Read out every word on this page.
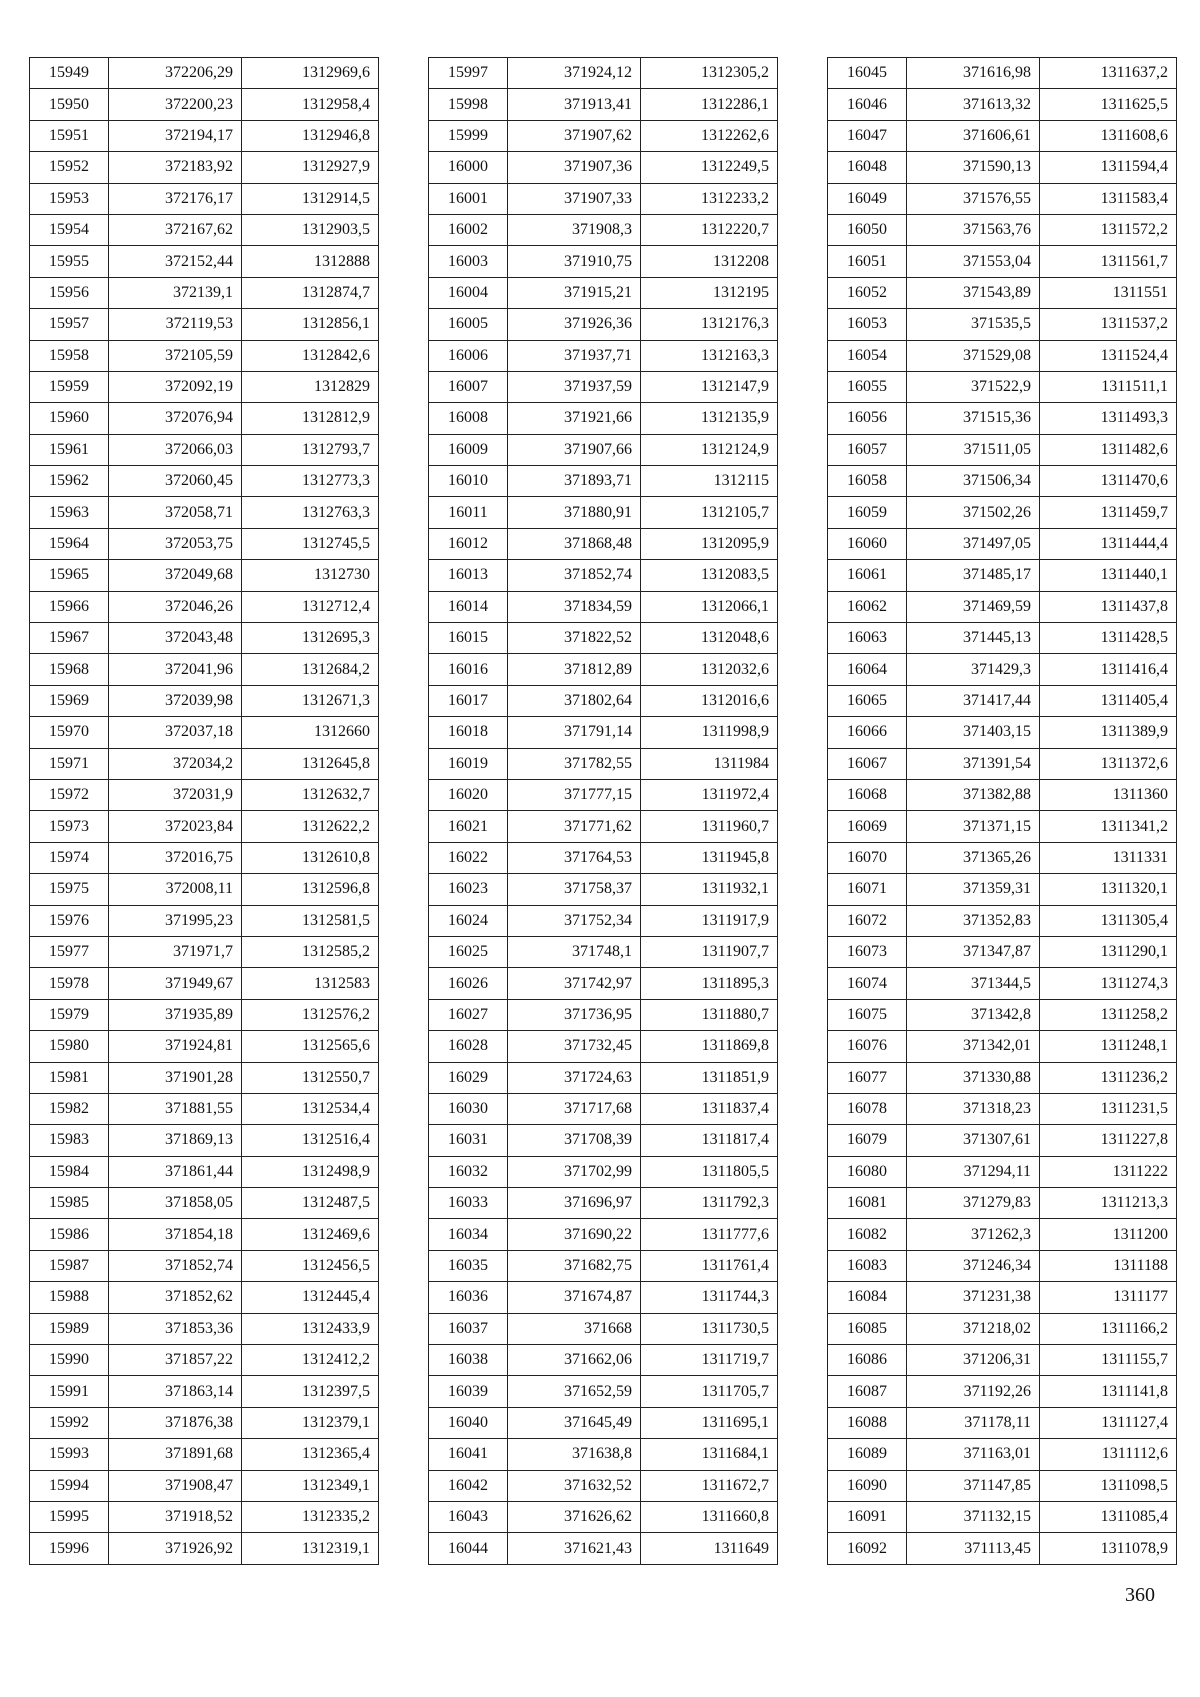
15949	372206,29	1312969,6
15950	372200,23	1312958,4
15951	372194,17	1312946,8
15952	372183,92	1312927,9
15953	372176,17	1312914,5
15954	372167,62	1312903,5
15955	372152,44	1312888
15956	372139,1	1312874,7
15957	372119,53	1312856,1
15958	372105,59	1312842,6
15959	372092,19	1312829
15960	372076,94	1312812,9
15961	372066,03	1312793,7
15962	372060,45	1312773,3
15963	372058,71	1312763,3
15964	372053,75	1312745,5
15965	372049,68	1312730
15966	372046,26	1312712,4
15967	372043,48	1312695,3
15968	372041,96	1312684,2
15969	372039,98	1312671,3
15970	372037,18	1312660
15971	372034,2	1312645,8
15972	372031,9	1312632,7
15973	372023,84	1312622,2
15974	372016,75	1312610,8
15975	372008,11	1312596,8
15976	371995,23	1312581,5
15977	371971,7	1312585,2
15978	371949,67	1312583
15979	371935,89	1312576,2
15980	371924,81	1312565,6
15981	371901,28	1312550,7
15982	371881,55	1312534,4
15983	371869,13	1312516,4
15984	371861,44	1312498,9
15985	371858,05	1312487,5
15986	371854,18	1312469,6
15987	371852,74	1312456,5
15988	371852,62	1312445,4
15989	371853,36	1312433,9
15990	371857,22	1312412,2
15991	371863,14	1312397,5
15992	371876,38	1312379,1
15993	371891,68	1312365,4
15994	371908,47	1312349,1
15995	371918,52	1312335,2
15996	371926,92	1312319,1
15997	371924,12	1312305,2
15998	371913,41	1312286,1
15999	371907,62	1312262,6
16000	371907,36	1312249,5
16001	371907,33	1312233,2
16002	371908,3	1312220,7
16003	371910,75	1312208
16004	371915,21	1312195
16005	371926,36	1312176,3
16006	371937,71	1312163,3
16007	371937,59	1312147,9
16008	371921,66	1312135,9
16009	371907,66	1312124,9
16010	371893,71	1312115
16011	371880,91	1312105,7
16012	371868,48	1312095,9
16013	371852,74	1312083,5
16014	371834,59	1312066,1
16015	371822,52	1312048,6
16016	371812,89	1312032,6
16017	371802,64	1312016,6
16018	371791,14	1311998,9
16019	371782,55	1311984
16020	371777,15	1311972,4
16021	371771,62	1311960,7
16022	371764,53	1311945,8
16023	371758,37	1311932,1
16024	371752,34	1311917,9
16025	371748,1	1311907,7
16026	371742,97	1311895,3
16027	371736,95	1311880,7
16028	371732,45	1311869,8
16029	371724,63	1311851,9
16030	371717,68	1311837,4
16031	371708,39	1311817,4
16032	371702,99	1311805,5
16033	371696,97	1311792,3
16034	371690,22	1311777,6
16035	371682,75	1311761,4
16036	371674,87	1311744,3
16037	371668	1311730,5
16038	371662,06	1311719,7
16039	371652,59	1311705,7
16040	371645,49	1311695,1
16041	371638,8	1311684,1
16042	371632,52	1311672,7
16043	371626,62	1311660,8
16044	371621,43	1311649
16045	371616,98	1311637,2
16046	371613,32	1311625,5
16047	371606,61	1311608,6
16048	371590,13	1311594,4
16049	371576,55	1311583,4
16050	371563,76	1311572,2
16051	371553,04	1311561,7
16052	371543,89	1311551
16053	371535,5	1311537,2
16054	371529,08	1311524,4
16055	371522,9	1311511,1
16056	371515,36	1311493,3
16057	371511,05	1311482,6
16058	371506,34	1311470,6
16059	371502,26	1311459,7
16060	371497,05	1311444,4
16061	371485,17	1311440,1
16062	371469,59	1311437,8
16063	371445,13	1311428,5
16064	371429,3	1311416,4
16065	371417,44	1311405,4
16066	371403,15	1311389,9
16067	371391,54	1311372,6
16068	371382,88	1311360
16069	371371,15	1311341,2
16070	371365,26	1311331
16071	371359,31	1311320,1
16072	371352,83	1311305,4
16073	371347,87	1311290,1
16074	371344,5	1311274,3
16075	371342,8	1311258,2
16076	371342,01	1311248,1
16077	371330,88	1311236,2
16078	371318,23	1311231,5
16079	371307,61	1311227,8
16080	371294,11	1311222
16081	371279,83	1311213,3
16082	371262,3	1311200
16083	371246,34	1311188
16084	371231,38	1311177
16085	371218,02	1311166,2
16086	371206,31	1311155,7
16087	371192,26	1311141,8
16088	371178,11	1311127,4
16089	371163,01	1311112,6
16090	371147,85	1311098,5
16091	371132,15	1311085,4
16092	371113,45	1311078,9
360
